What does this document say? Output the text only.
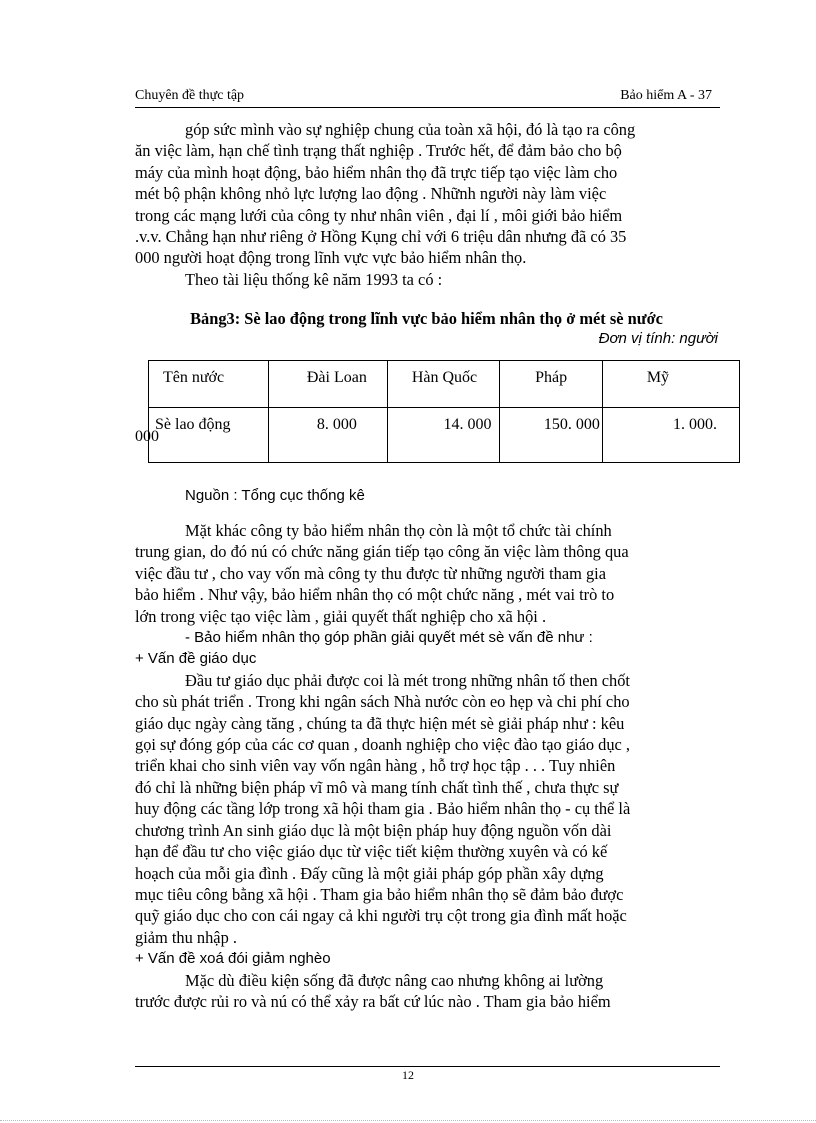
Chuyên đề thực tập	Bảo hiểm A - 37
góp sức mình vào sự nghiệp chung của toàn xã hội, đó là tạo ra công
ăn việc làm, hạn chế tình trạng thất nghiệp . Trước hết, để đảm bảo cho bộ
máy của mình hoạt động, bảo hiểm nhân thọ đã trực tiếp tạo việc làm cho
mét bộ phận không nhỏ lực lượng lao động . Nhữnh người này làm việc
trong các mạng lưới của công ty như nhân viên , đại lí , môi giới bảo hiểm
.v.v. Chẳng hạn như riêng ở Hồng Kụng chỉ với 6 triệu dân nhưng đã có 35
000 người hoạt động trong lĩnh vực vực bảo hiểm nhân thọ.
Theo tài liệu thống kê năm 1993 ta có :
Bảng3: Sè lao động trong lĩnh vực bảo hiểm nhân thọ ở mét sè nước
Đơn vị tính: người
Tên nước	Đài Loan	Hàn Quốc	Pháp	Mỹ
Sè lao động	8. 000	14. 000	150. 000	1. 000.
000
Nguồn : Tổng cục thống kê
Mặt khác công ty bảo hiểm nhân thọ còn là một tổ chức tài chính
trung gian, do đó nú có chức năng gián tiếp tạo công ăn việc làm thông qua
việc đầu tư , cho vay vốn mà công ty thu được từ những người tham gia
bảo hiểm . Như vậy, bảo hiểm nhân thọ có một chức năng , mét vai trò to
lớn trong việc tạo việc làm , giải quyết thất nghiệp cho xã hội .
- Bảo hiểm nhân thọ góp phần giải quyết mét sè vấn đề như :
+ Vấn đề giáo dục
Đầu tư giáo dục phải được coi là mét trong những nhân tố then chốt
cho sù phát triển . Trong khi ngân sách Nhà nước còn eo hẹp và chi phí cho
giáo dục ngày càng tăng , chúng ta đã thực hiện mét sè giải pháp như : kêu
gọi sự đóng góp của các cơ quan , doanh nghiệp cho việc đào tạo giáo dục ,
triển khai cho sinh viên vay vốn ngân hàng , hỗ trợ học tập . . . Tuy nhiên
đó chỉ là những biện pháp vĩ mô và mang tính chất tình thế , chưa thực sự
huy động các tầng lớp trong xã hội tham gia . Bảo hiểm nhân thọ - cụ thể là
chương trình An sinh giáo dục là một biện pháp huy động nguồn vốn dài
hạn để đầu tư cho việc giáo dục từ việc tiết kiệm thường xuyên và có kế
hoạch của mỗi gia đình . Đấy cũng là một giải pháp góp phần xây dựng
mục tiêu công bằng xã hội . Tham gia bảo hiểm nhân thọ sẽ đảm bảo được
quỹ giáo dục cho con cái ngay cả khi người trụ cột trong gia đình mất hoặc
giảm thu nhập .
+ Vấn đề xoá đói giảm nghèo
Mặc dù điều kiện sống đã được nâng cao nhưng không ai lường
trước được rủi ro và nú có thể xảy ra bất cứ lúc nào . Tham gia bảo hiểm
12
